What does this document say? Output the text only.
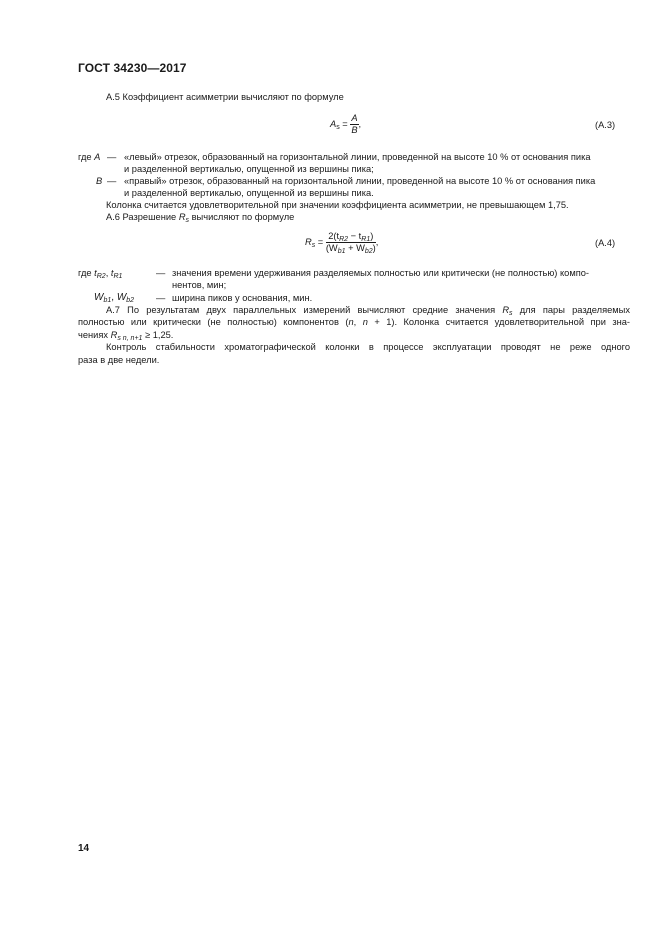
ГОСТ 34230—2017
А.5 Коэффициент асимметрии вычисляют по формуле
$A_s = \frac{A}{B}$ ,	(А.3)
где A — «левый» отрезок, образованный на горизонтальной линии, проведенной на высоте 10 % от основания пика
и разделенной вертикалью, опущенной из вершины пика;
B — «правый» отрезок, образованный на горизонтальной линии, проведенной на высоте 10 % от основания пика
и разделенной вертикалью, опущенной из вершины пика.
Колонка считается удовлетворительной при значении коэффициента асимметрии, не превышающем 1,75.
А.6 Разрешение $R_s$ вычисляют по формуле
$R_s = \frac{2(t_{R2} - t_{R1})}{(W_{b1} + W_{b2})}$ ,	(А.4)
где $t_{R2}$, $t_{R1}$	— значения времени удерживания разделяемых полностью или критически (не полностью) компо-
нентов, мин;
$W_{b1}$, $W_{b2}$ — ширина пиков у основания, мин.
А.7 По результатам двух параллельных измерений вычисляют средние значения $R_s$ для пары разделяемых
полностью или критически (не полностью) компонентов (n, n + 1). Колонка считается удовлетворительной при зна-
чениях $R_{s n, n+1} \ge 1,25$.
Контроль стабильности хроматографической колонки в процессе эксплуатации проводят не реже одного
раза в две недели.
14
